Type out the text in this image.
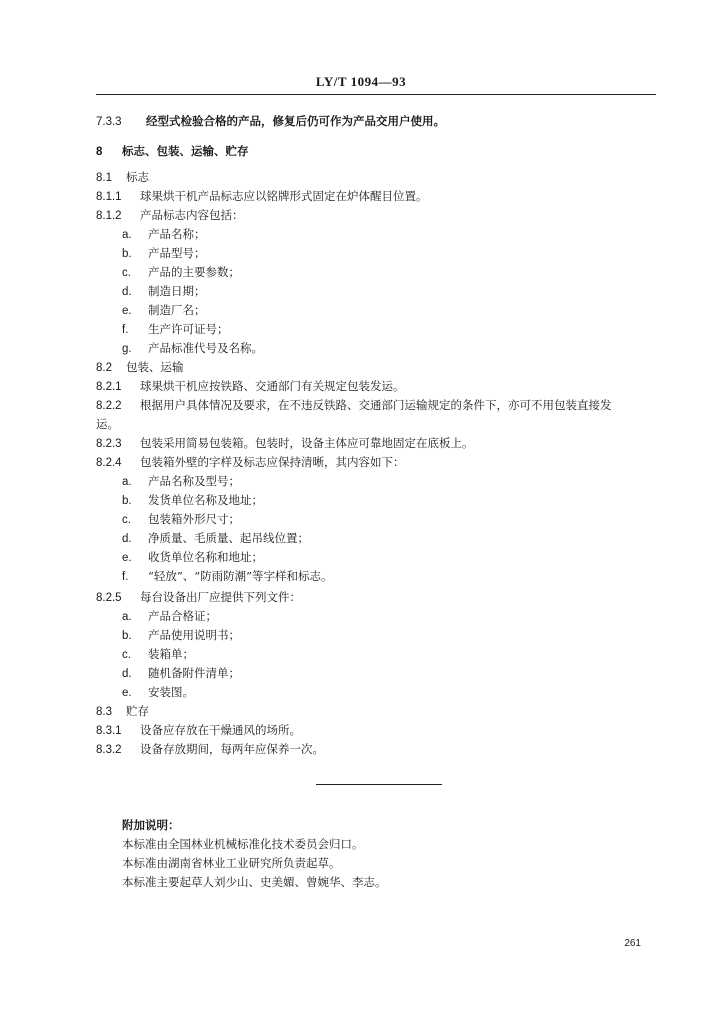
LY/T 1094—93
7.3.3 经型式检验合格的产品，修复后仍可作为产品交用户使用。
8 标志、包装、运输、贮存
8.1 标志
8.1.1 球果烘干机产品标志应以铭牌形式固定在炉体醒目位置。
8.1.2 产品标志内容包括：
a. 产品名称；
b. 产品型号；
c. 产品的主要参数；
d. 制造日期；
e. 制造厂名；
f. 生产许可证号；
g. 产品标准代号及名称。
8.2 包装、运输
8.2.1 球果烘干机应按铁路、交通部门有关规定包装发运。
8.2.2 根据用户具体情况及要求，在不违反铁路、交通部门运输规定的条件下，亦可不用包装直接发
运。
8.2.3 包装采用简易包装箱。包装时，设备主体应可靠地固定在底板上。
8.2.4 包装箱外壁的字样及标志应保持清晰，其内容如下：
a. 产品名称及型号；
b. 发货单位名称及地址；
c. 包装箱外形尺寸；
d. 净质量、毛质量、起吊线位置；
e. 收货单位名称和地址；
f. “轻放”、“防雨防潮”等字样和标志。
8.2.5 每台设备出厂应提供下列文件：
a. 产品合格证；
b. 产品使用说明书；
c. 装箱单；
d. 随机备附件清单；
e. 安装图。
8.3 贮存
8.3.1 设备应存放在干燥通风的场所。
8.3.2 设备存放期间，每两年应保养一次。
附加说明：
本标准由全国林业机械标准化技术委员会归口。
本标准由湖南省林业工业研究所负责起草。
本标准主要起草人刘少山、史美媚、曾婉华、李志。
261
